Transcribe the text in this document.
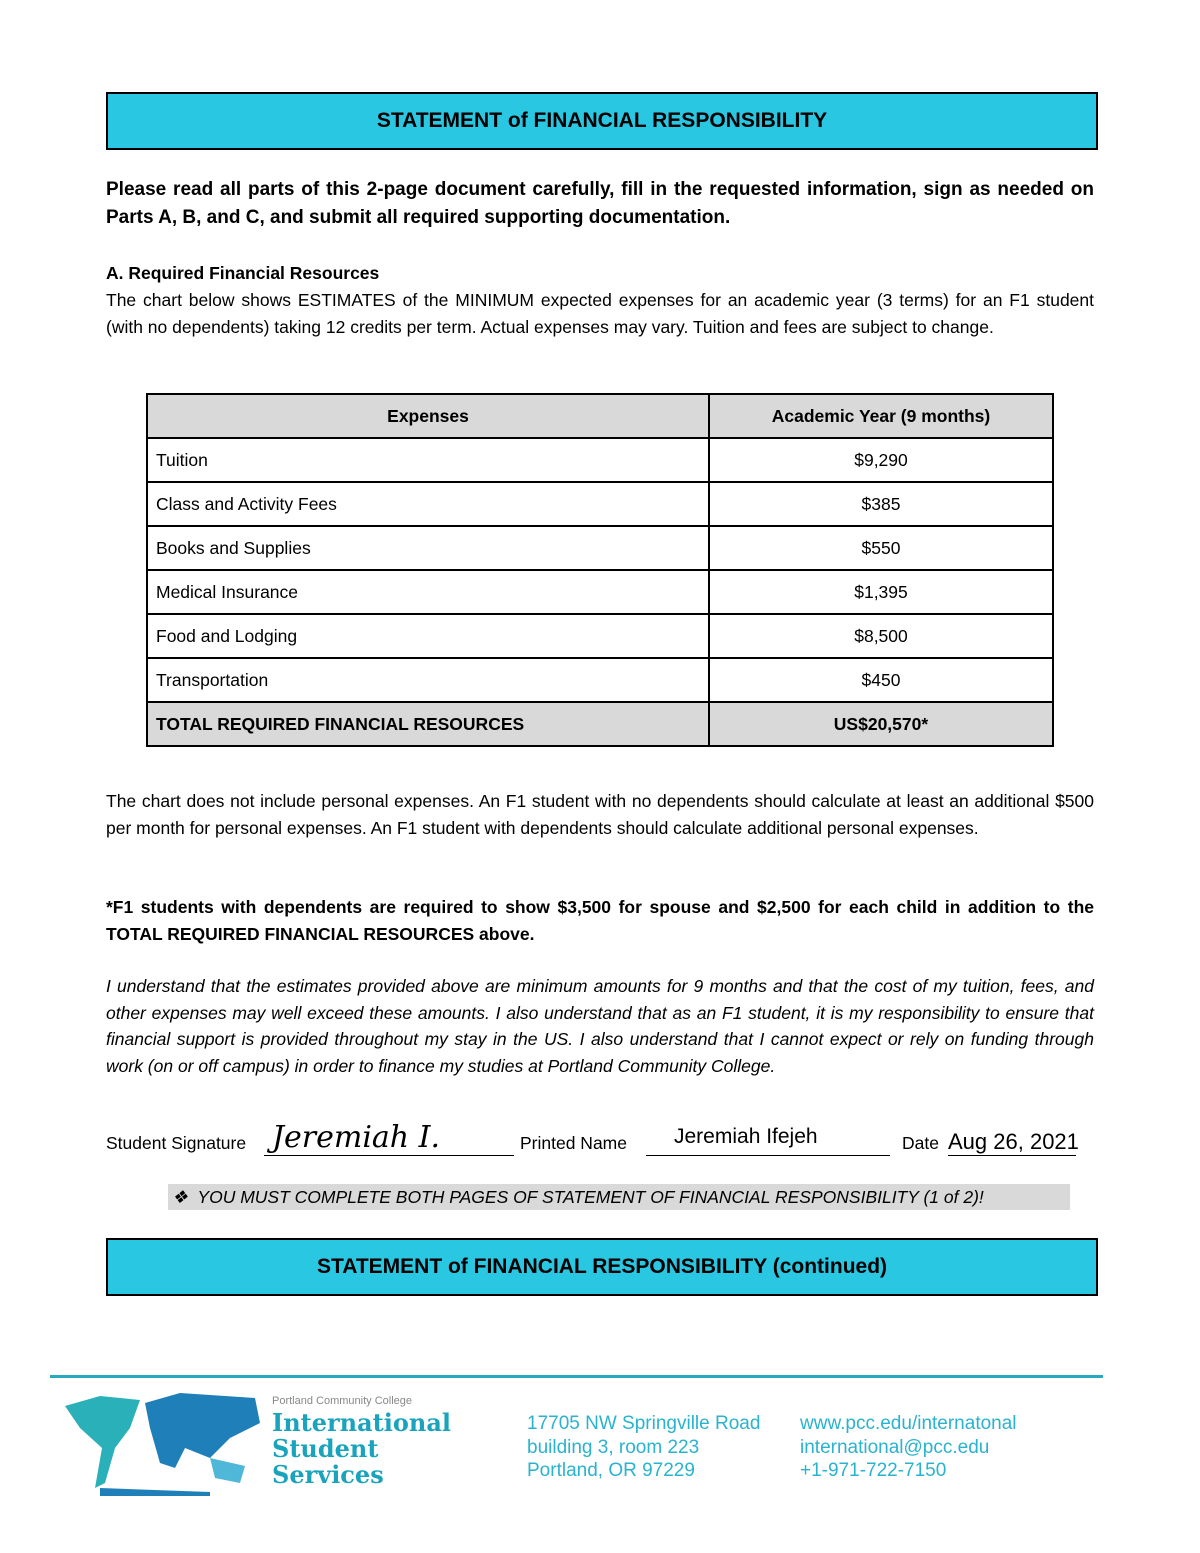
STATEMENT of FINANCIAL RESPONSIBILITY
Please read all parts of this 2-page document carefully, fill in the requested information, sign as needed on Parts A, B, and C, and submit all required supporting documentation.
A. Required Financial Resources
The chart below shows ESTIMATES of the MINIMUM expected expenses for an academic year (3 terms) for an F1 student (with no dependents) taking 12 credits per term. Actual expenses may vary. Tuition and fees are subject to change.
Expenses	Academic Year (9 months)
Tuition	$9,290
Class and Activity Fees	$385
Books and Supplies	$550
Medical Insurance	$1,395
Food and Lodging	$8,500
Transportation	$450
TOTAL REQUIRED FINANCIAL RESOURCES	US$20,570*
The chart does not include personal expenses. An F1 student with no dependents should calculate at least an additional $500 per month for personal expenses. An F1 student with dependents should calculate additional personal expenses.
*F1 students with dependents are required to show $3,500 for spouse and $2,500 for each child in addition to the TOTAL REQUIRED FINANCIAL RESOURCES above.
I understand that the estimates provided above are minimum amounts for 9 months and that the cost of my tuition, fees, and other expenses may well exceed these amounts. I also understand that as an F1 student, it is my responsibility to ensure that financial support is provided throughout my stay in the US. I also understand that I cannot expect or rely on funding through work (on or off campus) in order to finance my studies at Portland Community College.
Student Signature Jeremiah I.	Printed Name Jeremiah Ifejeh	Date Aug 26, 2021
❖  YOU MUST COMPLETE BOTH PAGES OF STATEMENT OF FINANCIAL RESPONSIBILITY (1 of 2)!
STATEMENT of FINANCIAL RESPONSIBILITY (continued)
Portland Community College
International
Student
Services
17705 NW Springville Road
building 3, room 223
Portland, OR 97229
www.pcc.edu/internatonal
international@pcc.edu
+1-971-722-7150
